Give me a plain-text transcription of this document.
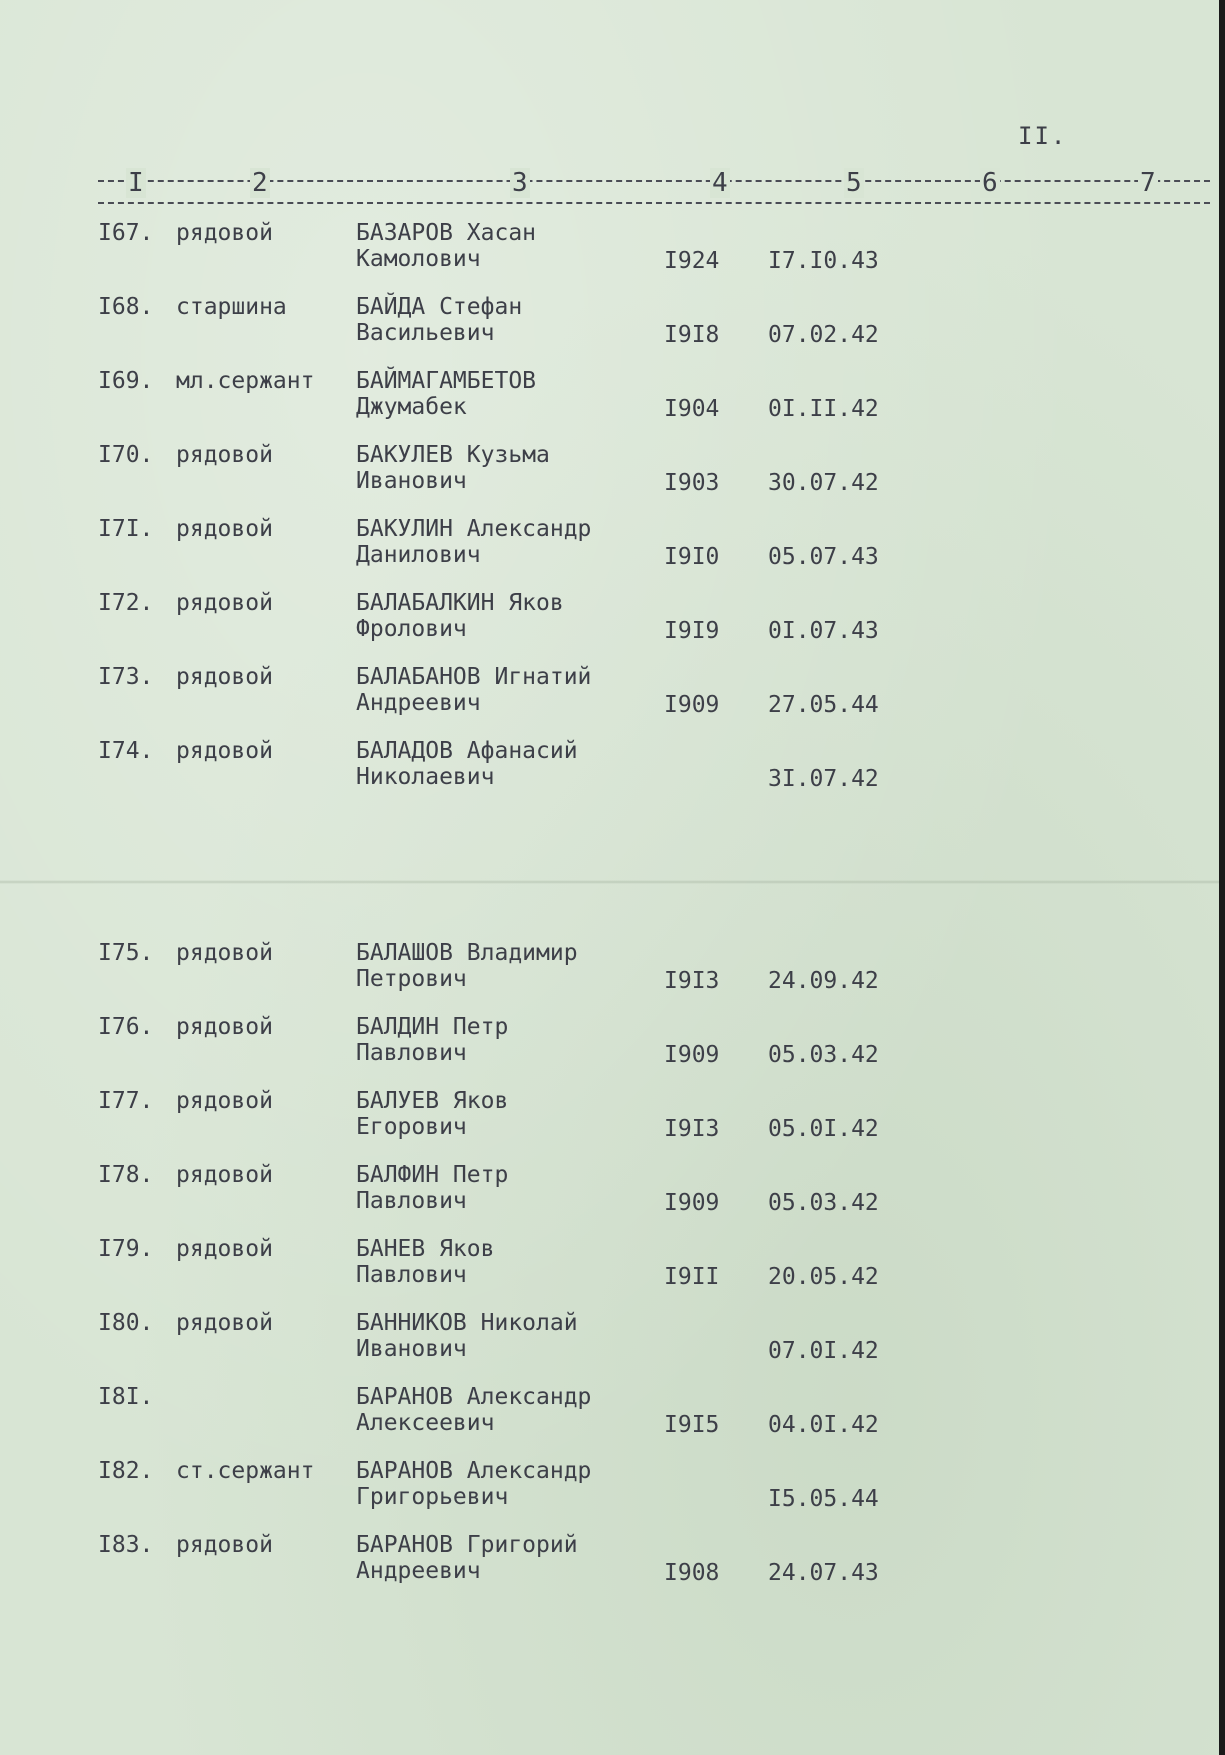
II.
I	2	3	4	5	6	7
I67. рядовой	БАЗАРОВ Хасан
Камолович	I924 I7.I0.43
I68. старшина	БАЙДА Стефан
Васильевич	I9I8 07.02.42
I69. мл.сержант БАЙМАГАМБЕТОВ
Джумабек	I904 0I.II.42
I70. рядовой	БАКУЛЕВ Кузьма
Иванович	I903 30.07.42
I7I. рядовой	БАКУЛИН Александр
Данилович	I9I0 05.07.43
I72. рядовой	БАЛАБАЛКИН Яков
Фролович	I9I9 0I.07.43
I73. рядовой	БАЛАБАНОВ Игнатий
Андреевич	I909 27.05.44
I74. рядовой	БАЛАДОВ Афанасий
Николаевич	3I.07.42
I75. рядовой	БАЛАШОВ Владимир
Петрович	I9I3 24.09.42
I76. рядовой	БАЛДИН Петр
Павлович	I909 05.03.42
I77. рядовой	БАЛУЕВ Яков
Егорович	I9I3 05.0I.42
I78. рядовой	БАЛФИН Петр
Павлович	I909 05.03.42
I79. рядовой	БАНЕВ Яков
Павлович	I9II 20.05.42
I80. рядовой	БАННИКОВ Николай
Иванович	07.0I.42
I8I.	БАРАНОВ Александр
Алексеевич	I9I5 04.0I.42
I82. ст.сержант БАРАНОВ Александр
Григорьевич	I5.05.44
I83. рядовой	БАРАНОВ Григорий
Андреевич	I908 24.07.43
